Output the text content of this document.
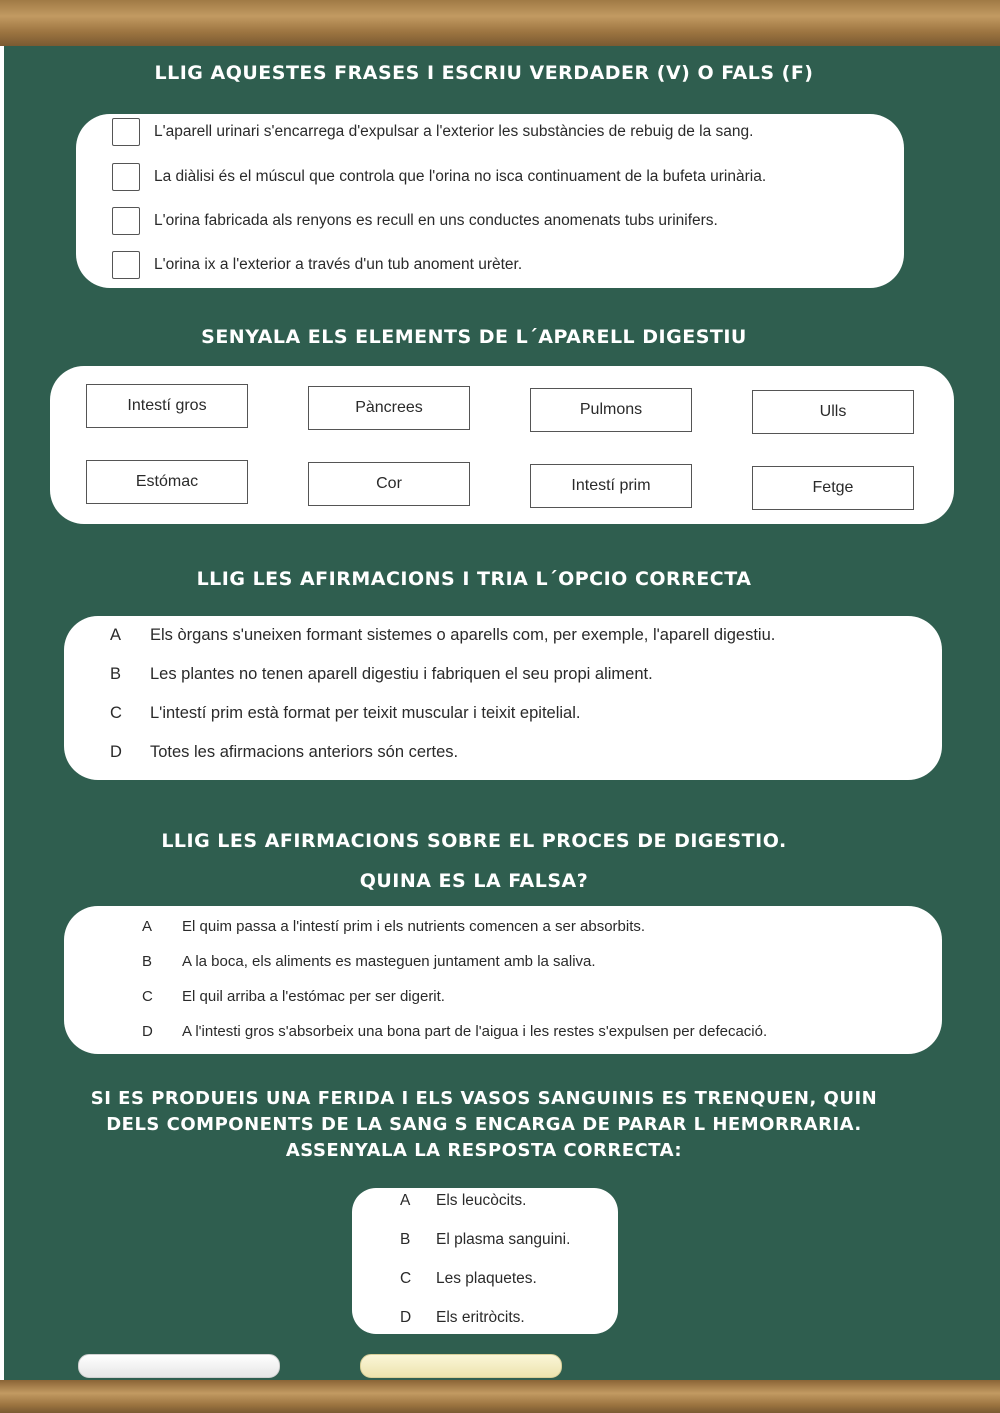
LLIG AQUESTES FRASES I ESCRIU VERDADER (V) O FALS (F)
L'aparell urinari s'encarrega d'expulsar a l'exterior les substàncies de rebuig de la sang.
La diàlisi és el múscul que controla que l'orina no isca continuament de la bufeta urinària.
L'orina fabricada als renyons es recull en uns conductes anomenats tubs urinifers.
L'orina ix a l'exterior a través d'un tub anoment urèter.
SENYALA ELS ELEMENTS DE L´APARELL DIGESTIU
Intestí gros	Pàncrees	Pulmons	Ulls
Estómac	Cor	Intestí prim	Fetge
LLIG LES AFIRMACIONS I TRIA L´OPCIO CORRECTA
A	Els òrgans s'uneixen formant sistemes o aparells com, per exemple, l'aparell digestiu.
B	Les plantes no tenen aparell digestiu i fabriquen el seu propi aliment.
C	L'intestí prim està format per teixit muscular i teixit epitelial.
D	Totes les afirmacions anteriors són certes.
LLIG LES AFIRMACIONS SOBRE EL PROCES DE DIGESTIO.
QUINA ES LA FALSA?
A	El quim passa a l'intestí prim i els nutrients comencen a ser absorbits.
B	A la boca, els aliments es masteguen juntament amb la saliva.
C	El quil arriba a l'estómac per ser digerit.
D	A l'intesti gros s'absorbeix una bona part de l'aigua i les restes s'expulsen per defecació.
SI ES PRODUEIS UNA FERIDA I ELS VASOS SANGUINIS ES TRENQUEN, QUIN
DELS COMPONENTS DE LA SANG S ENCARGA DE PARAR L HEMORRARIA.
ASSENYALA LA RESPOSTA CORRECTA:
A	Els leucòcits.
B	El plasma sanguini.
C	Les plaquetes.
D	Els eritròcits.
